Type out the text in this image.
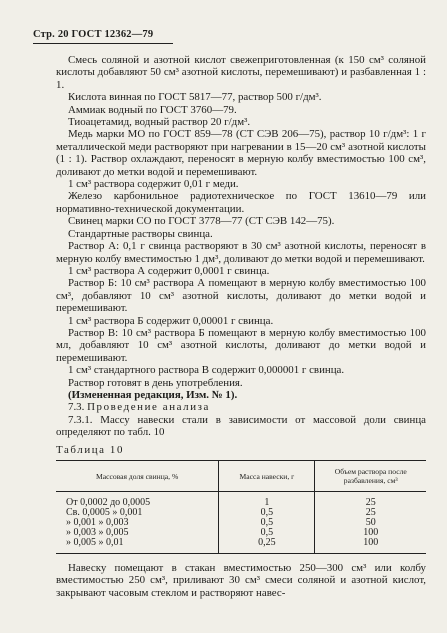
Стр. 20 ГОСТ 12362—79

Смесь соляной и азотной кислот свежеприготовленная (к 150 см³ соляной кислоты добавляют 50 см³ азотной кислоты, перемешивают) и разбавленная 1 : 1.

Кислота винная по ГОСТ 5817—77, раствор 500 г/дм³.

Аммиак водный по ГОСТ 3760—79.

Тиоацетамид, водный раствор 20 г/дм³.

Медь марки МО по ГОСТ 859—78 (СТ СЭВ 206—75), раствор 10 г/дм³: 1 г металлической меди растворяют при нагревании в 15—20 см³ азотной кислоты (1 : 1). Раствор охлаждают, переносят в мерную колбу вместимостью 100 см³, доливают до метки водой и перемешивают.

1 см³ раствора содержит 0,01 г меди.

Железо карбонильное радиотехническое по ГОСТ 13610—79 или нормативно-технической документации.

Свинец марки СО по ГОСТ 3778—77 (СТ СЭВ 142—75).

Стандартные растворы свинца.

Раствор А: 0,1 г свинца растворяют в 30 см³ азотной кислоты, переносят в мерную колбу вместимостью 1 дм³, доливают до метки водой и перемешивают.

1 см³ раствора А содержит 0,0001 г свинца.

Раствор Б: 10 см³ раствора А помещают в мерную колбу вместимостью 100 см³, добавляют 10 см³ азотной кислоты, доливают до метки водой и перемешивают.

1 см³ раствора Б содержит 0,00001 г свинца.

Раствор В: 10 см³ раствора Б помещают в мерную колбу вместимостью 100 мл, добавляют 10 см³ азотной кислоты, доливают до метки водой и перемешивают.

1 см³ стандартного раствора В содержит 0,000001 г свинца.

Раствор готовят в день употребления.

(Измененная редакция, Изм. № 1).

7.3. Проведение анализа

7.3.1. Массу навески стали в зависимости от массовой доли свинца определяют по табл. 10

Таблица 10

Массовая доля свинца, %	Масса навески, г	Объем раствора после разбавления, см³
От 0,0002 до 0,0005	1	25
Св. 0,0005 » 0,001	0,5	25
» 0,001 » 0,003	0,5	50
» 0,003 » 0,005	0,5	100
» 0,005 » 0,01	0,25	100

Навеску помещают в стакан вместимостью 250—300 см³ или колбу вместимостью 250 см³, приливают 30 см³ смеси соляной и азотной кислот, закрывают часовым стеклом и растворяют навес-
